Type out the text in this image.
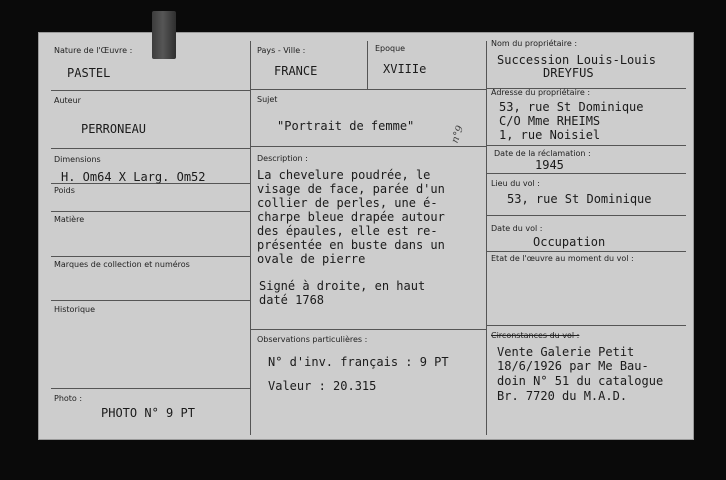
Nature de l'Œuvre :
PASTEL
Auteur
PERRONEAU
Dimensions
H. Om64 X Larg. Om52
Poids
Matière
Marques de collection et numéros
Historique
Photo :
PHOTO N° 9 PT
Pays - Ville :
FRANCE
Epoque
XVIIIe
Sujet
"Portrait de femme"	n°9
Description :
La chevelure poudrée, le
visage de face, parée d'un
collier de perles, une é-
charpe bleue drapée autour
des épaules, elle est re-
présentée en buste dans un
ovale de pierre
Signé à droite, en haut
daté 1768
Observations particulières :
N° d'inv. français : 9 PT
Valeur : 20.315
Nom du propriétaire :
Succession Louis-Louis
DREYFUS
Adresse du propriétaire :
53, rue St Dominique
C/O Mme RHEIMS
1, rue Noisiel
Date de la réclamation :
1945
Lieu du vol :
53, rue St Dominique
Date du vol :
Occupation
Etat de l'œuvre au moment du vol :
Circonstances du vol :
Vente Galerie Petit
18/6/1926 par Me Bau-
doin N° 51 du catalogue
Br. 7720 du M.A.D.
